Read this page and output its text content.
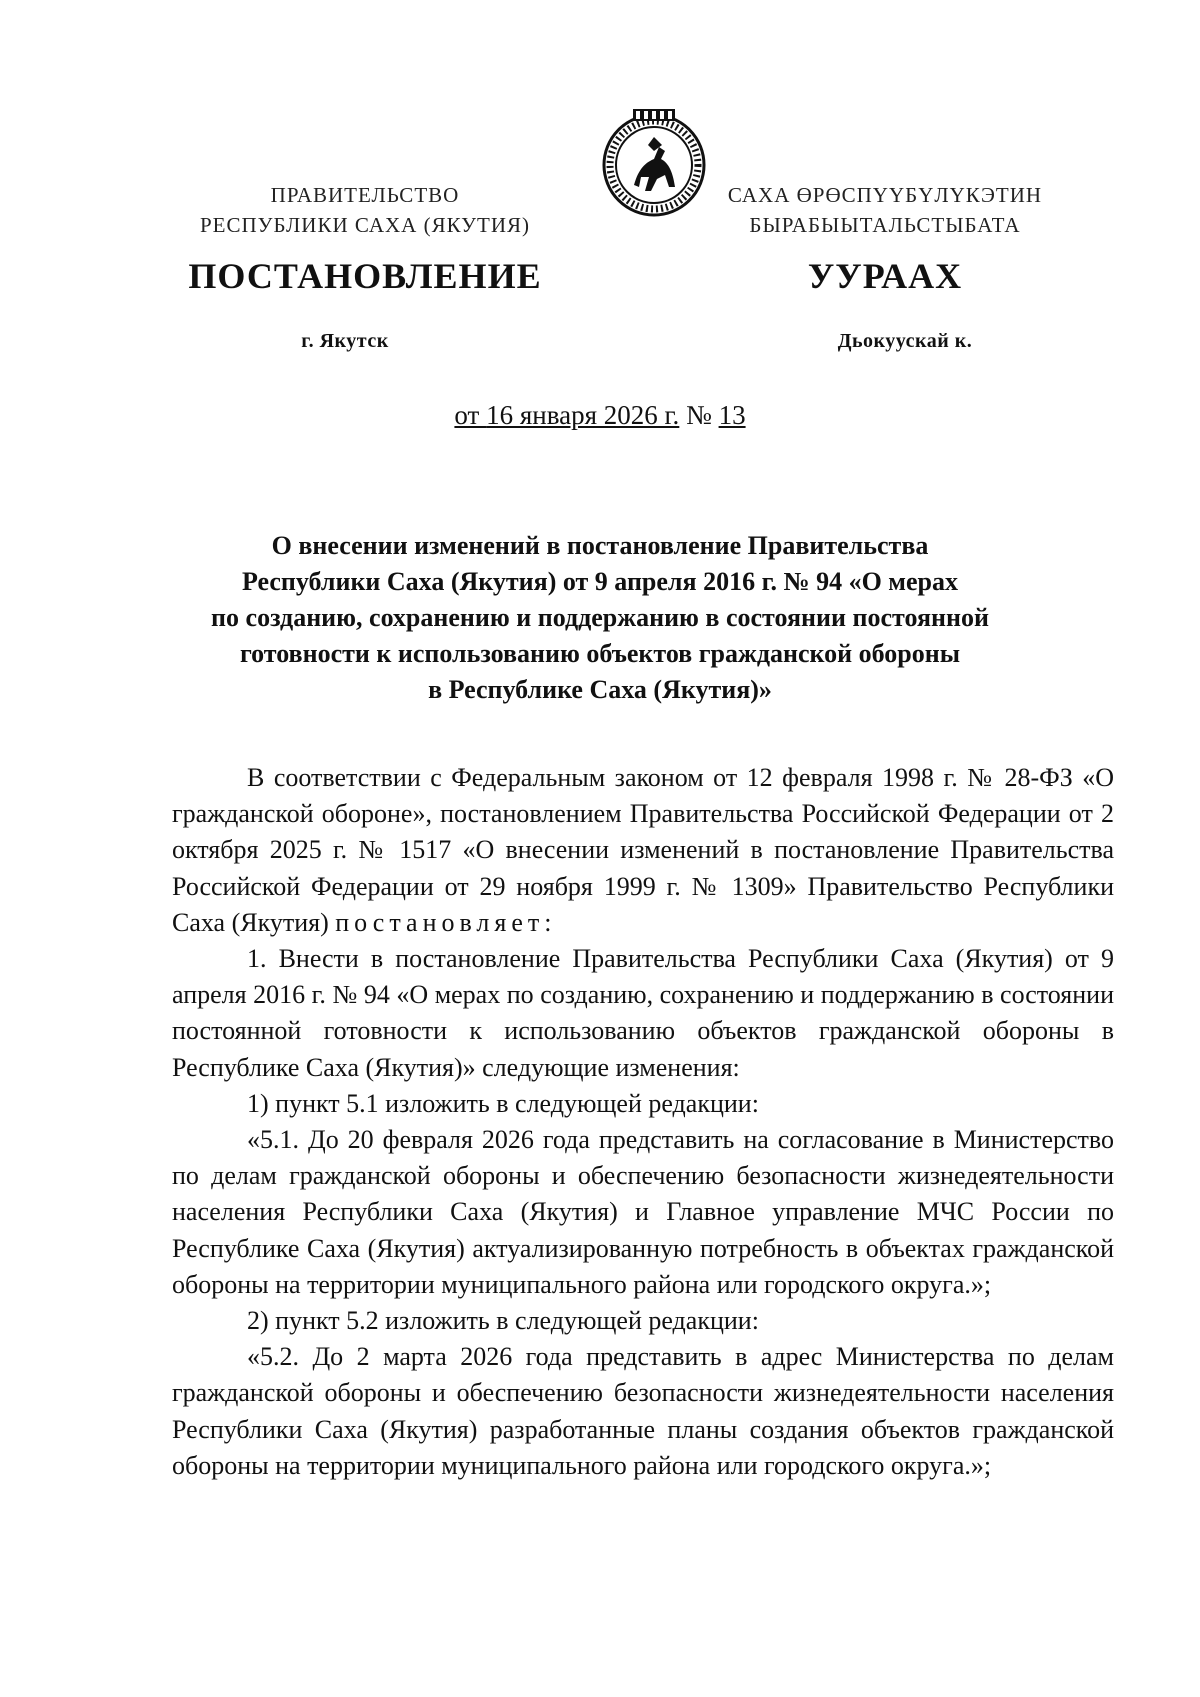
ПРАВИТЕЛЬСТВО
РЕСПУБЛИКИ САХА (ЯКУТИЯ)
ПОСТАНОВЛЕНИЕ
г. Якутск
САХА ӨРӨСПҮҮБҮЛҮКЭТИН
БЫРАБЫЫТАЛЬСТЫБАТА
УУРААХ
Дьокуускай к.
от 16 января 2026 г. № 13
О внесении изменений в постановление Правительства
Республики Саха (Якутия) от 9 апреля 2016 г. № 94 «О мерах
по созданию, сохранению и поддержанию в состоянии постоянной
готовности к использованию объектов гражданской обороны
в Республике Саха (Якутия)»

В соответствии с Федеральным законом от 12 февраля 1998 г. № 28-ФЗ «О гражданской обороне», постановлением Правительства Российской Федерации от 2 октября 2025 г. № 1517 «О внесении изменений в постановление Правительства Российской Федерации от 29 ноября 1999 г. № 1309» Правительство Республики Саха (Якутия) постановляет:

1. Внести в постановление Правительства Республики Саха (Якутия) от 9 апреля 2016 г. № 94 «О мерах по созданию, сохранению и поддержанию в состоянии постоянной готовности к использованию объектов гражданской обороны в Республике Саха (Якутия)» следующие изменения:

1) пункт 5.1 изложить в следующей редакции:

«5.1. До 20 февраля 2026 года представить на согласование в Министерство по делам гражданской обороны и обеспечению безопасности жизнедеятельности населения Республики Саха (Якутия) и Главное управление МЧС России по Республике Саха (Якутия) актуализированную потребность в объектах гражданской обороны на территории муниципального района или городского округа.»;

2) пункт 5.2 изложить в следующей редакции:

«5.2. До 2 марта 2026 года представить в адрес Министерства по делам гражданской обороны и обеспечению безопасности жизнедеятельности населения Республики Саха (Якутия) разработанные планы создания объектов гражданской обороны на территории муниципального района или городского округа.»;
